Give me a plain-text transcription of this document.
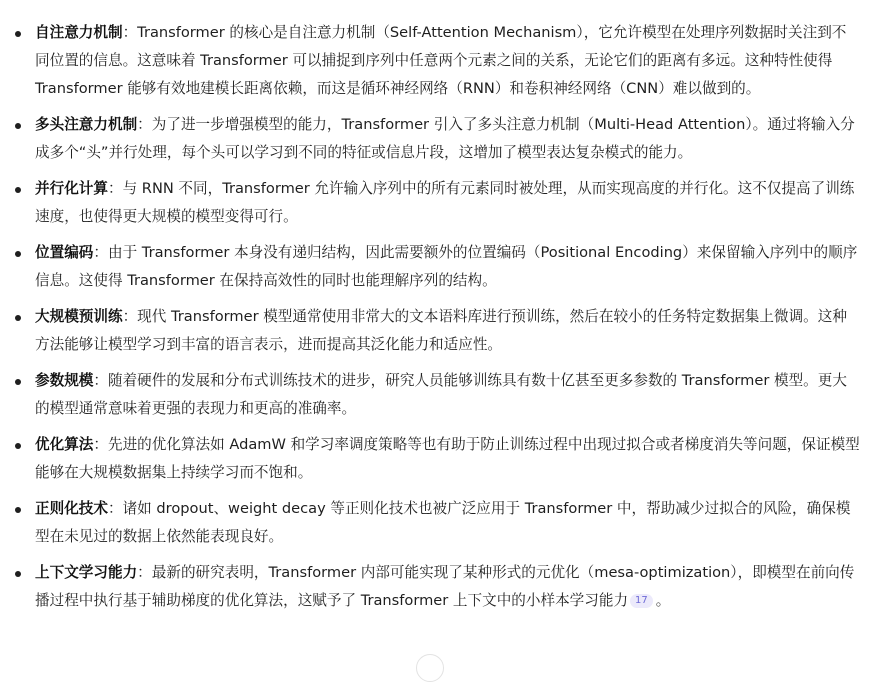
自注意力机制：Transformer 的核心是自注意力机制（Self-Attention Mechanism），它允许模型在处理序列数据时关注到不同位置的信息。这意味着 Transformer 可以捕捉到序列中任意两个元素之间的关系，无论它们的距离有多远。这种特性使得 Transformer 能够有效地建模长距离依赖，而这是循环神经网络（RNN）和卷积神经网络（CNN）难以做到的。
多头注意力机制：为了进一步增强模型的能力，Transformer 引入了多头注意力机制（Multi-Head Attention）。通过将输入分成多个“头”并行处理，每个头可以学习到不同的特征或信息片段，这增加了模型表达复杂模式的能力。
并行化计算：与 RNN 不同，Transformer 允许输入序列中的所有元素同时被处理，从而实现高度的并行化。这不仅提高了训练速度，也使得更大规模的模型变得可行。
位置编码：由于 Transformer 本身没有递归结构，因此需要额外的位置编码（Positional Encoding）来保留输入序列中的顺序信息。这使得 Transformer 在保持高效性的同时也能理解序列的结构。
大规模预训练：现代 Transformer 模型通常使用非常大的文本语料库进行预训练，然后在较小的任务特定数据集上微调。这种方法能够让模型学习到丰富的语言表示，进而提高其泛化能力和适应性。
参数规模：随着硬件的发展和分布式训练技术的进步，研究人员能够训练具有数十亿甚至更多参数的 Transformer 模型。更大的模型通常意味着更强的表现力和更高的准确率。
优化算法：先进的优化算法如 AdamW 和学习率调度策略等也有助于防止训练过程中出现过拟合或者梯度消失等问题，保证模型能够在大规模数据集上持续学习而不饱和。
正则化技术：诸如 dropout、weight decay 等正则化技术也被广泛应用于 Transformer 中，帮助减少过拟合的风险，确保模型在未见过的数据上依然能表现良好。
上下文学习能力：最新的研究表明，Transformer 内部可能实现了某种形式的元优化（mesa-optimization），即模型在前向传播过程中执行基于辅助梯度的优化算法，这赋予了 Transformer 上下文中的小样本学习能力 17 。
